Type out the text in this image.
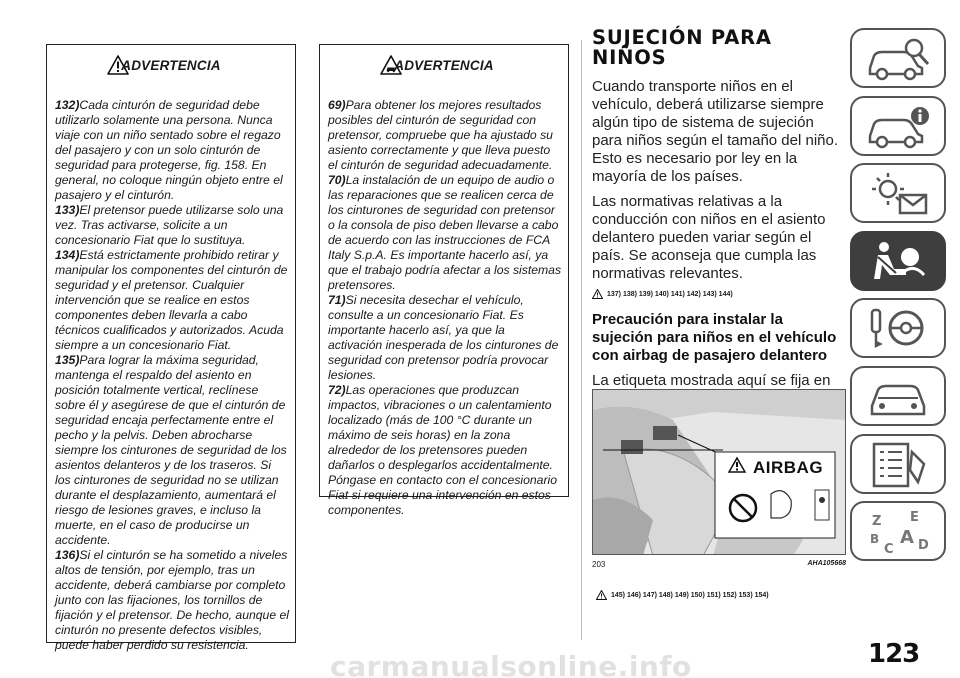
ADVERTENCIA

132)Cada cinturón de seguridad debe utilizarlo solamente una persona. Nunca viaje con un niño sentado sobre el regazo del pasajero y con un solo cinturón de seguridad para protegerse, fig. 158. En general, no coloque ningún objeto entre el pasajero y el cinturón.

133)El pretensor puede utilizarse solo una vez. Tras activarse, solicite a un concesionario Fiat que lo sustituya.

134)Está estrictamente prohibido retirar y manipular los componentes del cinturón de seguridad y el pretensor. Cualquier intervención que se realice en estos componentes deben llevarla a cabo técnicos cualificados y autorizados. Acuda siempre a un concesionario Fiat.

135)Para lograr la máxima seguridad, mantenga el respaldo del asiento en posición totalmente vertical, reclínese sobre él y asegúrese de que el cinturón de seguridad encaja perfectamente entre el pecho y la pelvis. Deben abrocharse siempre los cinturones de seguridad de los asientos delanteros y de los traseros. Si los cinturones de seguridad no se utilizan durante el desplazamiento, aumentará el riesgo de lesiones graves, e incluso la muerte, en el caso de producirse un accidente.

136)Si el cinturón se ha sometido a niveles altos de tensión, por ejemplo, tras un accidente, deberá cambiarse por completo junto con las fijaciones, los tornillos de fijación y el pretensor. De hecho, aunque el cinturón no presente defectos visibles, puede haber perdido su resistencia.

ADVERTENCIA

69)Para obtener los mejores resultados posibles del cinturón de seguridad con pretensor, compruebe que ha ajustado su asiento correctamente y que lleva puesto el cinturón de seguridad adecuadamente.

70)La instalación de un equipo de audio o las reparaciones que se realicen cerca de los cinturones de seguridad con pretensor o la consola de piso deben llevarse a cabo de acuerdo con las instrucciones de FCA Italy S.p.A. Es importante hacerlo así, ya que el trabajo podría afectar a los sistemas pretensores.

71)Si necesita desechar el vehículo, consulte a un concesionario Fiat. Es importante hacerlo así, ya que la activación inesperada de los cinturones de seguridad con pretensor podría provocar lesiones.

72)Las operaciones que produzcan impactos, vibraciones o un calentamiento localizado (más de 100 °C durante un máximo de seis horas) en la zona alrededor de los pretensores pueden dañarlos o desplegarlos accidentalmente. Póngase en contacto con el concesionario Fiat si requiere una intervención en estos componentes.

SUJECIÓN PARA
NIÑOS
Cuando transporte niños en el vehículo, deberá utilizarse siempre algún tipo de sistema de sujeción para niños según el tamaño del niño. Esto es necesario por ley en la mayoría de los países.
Las normativas relativas a la conducción con niños en el asiento delantero pueden variar según el país. Se aconseja que cumpla las normativas relevantes.
137) 138) 139) 140) 141) 142) 143) 144)
Precaución para instalar la sujeción para niños en el vehículo con airbag de pasajero delantero
La etiqueta mostrada aquí se fija en
AIRBAG
203	AHA105668
145) 146) 147) 148) 149) 150) 151) 152) 153) 154)
Z E
B A
C D
123
carmanualsonline.info
